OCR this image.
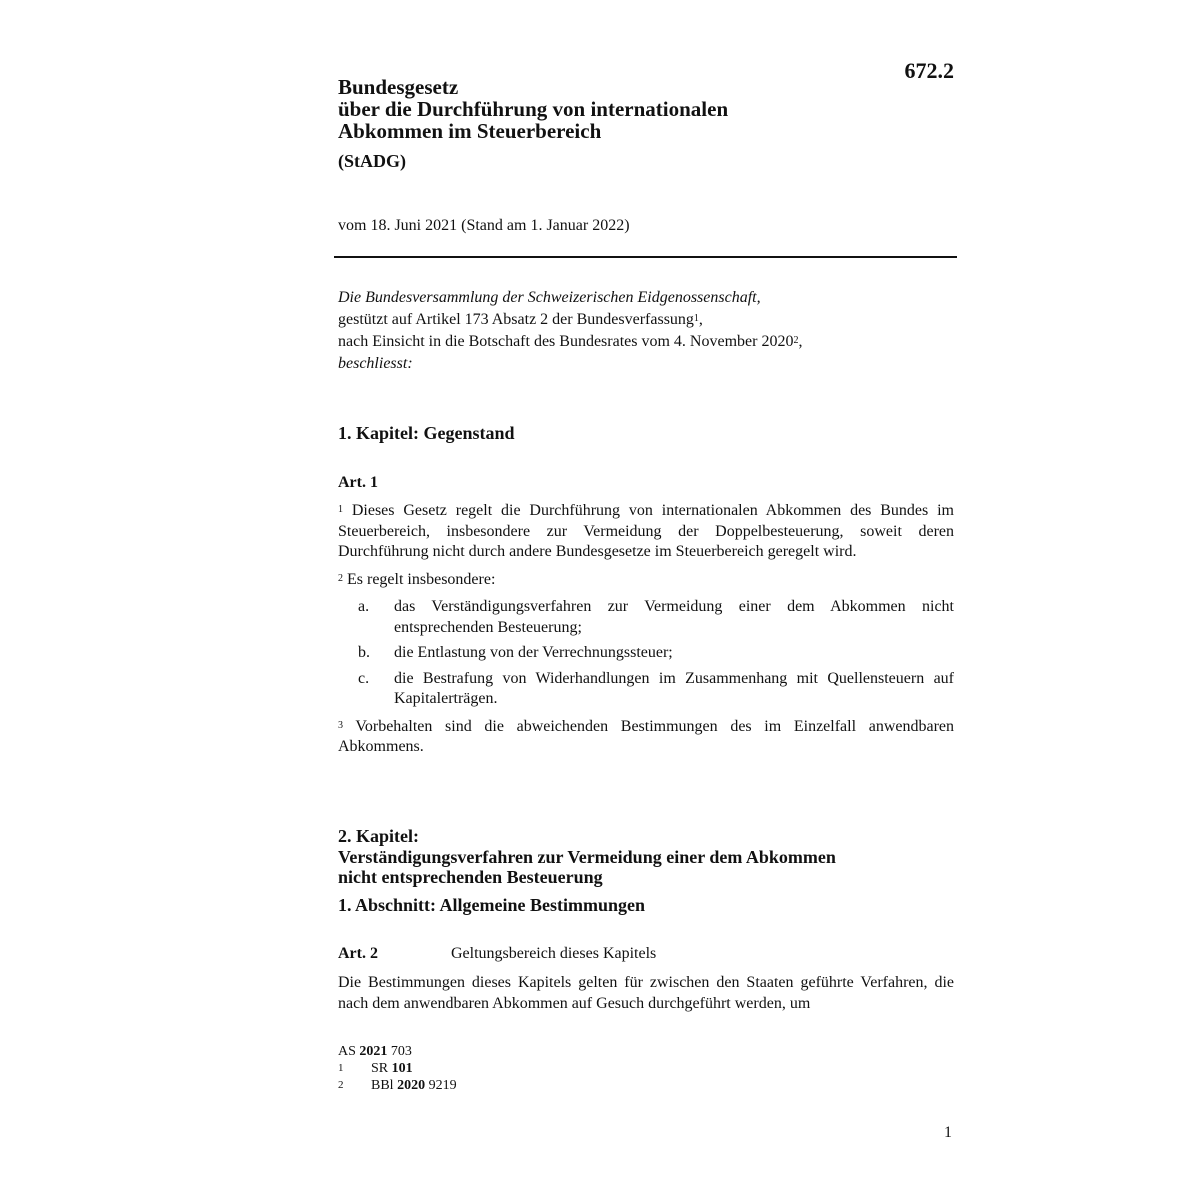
672.2
Bundesgesetz
über die Durchführung von internationalen
Abkommen im Steuerbereich
(StADG)
vom 18. Juni 2021 (Stand am 1. Januar 2022)
Die Bundesversammlung der Schweizerischen Eidgenossenschaft,
gestützt auf Artikel 173 Absatz 2 der Bundesverfassung$^1$,
nach Einsicht in die Botschaft des Bundesrates vom 4. November 2020$^2$,
beschliesst:
1. Kapitel: Gegenstand
Art. 1

$^1$ Dieses Gesetz regelt die Durchführung von internationalen Abkommen des Bundes im Steuerbereich, insbesondere zur Vermeidung der Doppelbesteuerung, soweit deren Durchführung nicht durch andere Bundesgesetze im Steuerbereich geregelt wird.

$^2$ Es regelt insbesondere:

a.	das Verständigungsverfahren zur Vermeidung einer dem Abkommen nicht entsprechenden Besteuerung;
b.	die Entlastung von der Verrechnungssteuer;
c.	die Bestrafung von Widerhandlungen im Zusammenhang mit Quellensteuern auf Kapitalerträgen.

$^3$ Vorbehalten sind die abweichenden Bestimmungen des im Einzelfall anwendbaren Abkommens.

2. Kapitel:
Verständigungsverfahren zur Vermeidung einer dem Abkommen
nicht entsprechenden Besteuerung
1. Abschnitt: Allgemeine Bestimmungen
Art. 2	Geltungsbereich dieses Kapitels

Die Bestimmungen dieses Kapitels gelten für zwischen den Staaten geführte Verfahren, die nach dem anwendbaren Abkommen auf Gesuch durchgeführt werden, um

AS 2021 703
1	SR 101
2	BBl 2020 9219
1
